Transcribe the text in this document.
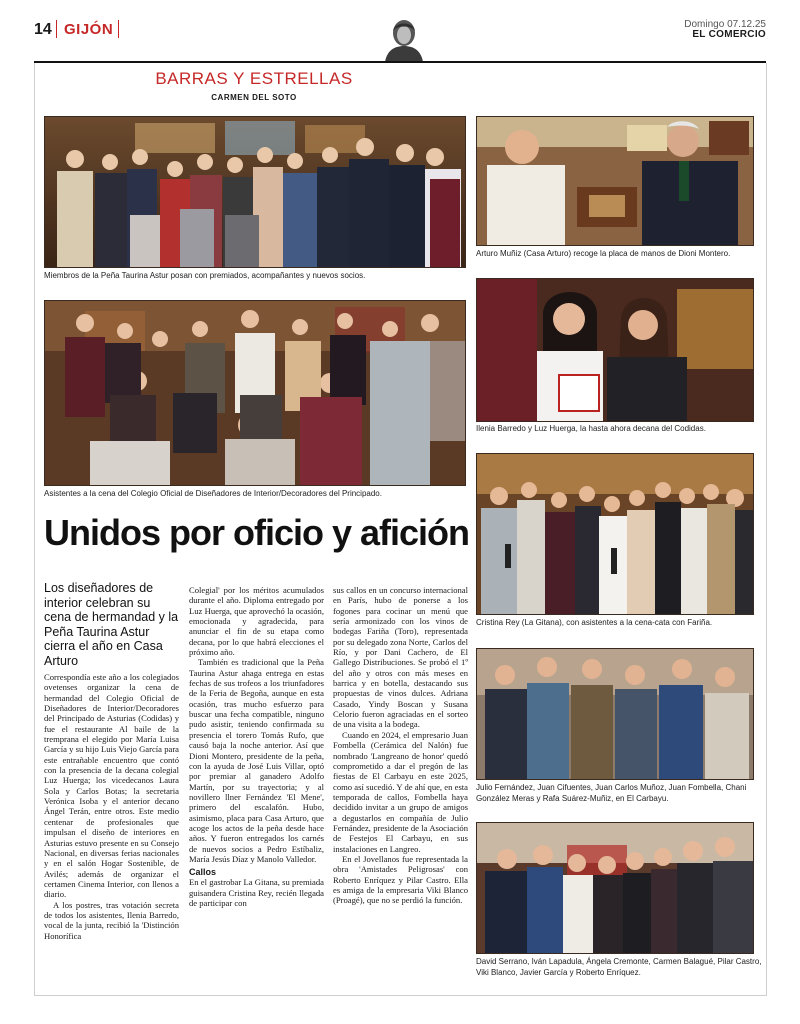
14 GIJÓN	Domingo 07.12.25
EL COMERCIO
BARRAS Y ESTRELLAS
CARMEN DEL SOTO
Miembros de la Peña Taurina Astur posan con premiados, acompañantes y nuevos socios.
Arturo Muñiz (Casa Arturo) recoge la placa de manos de Dioni Montero.
Asistentes a la cena del Colegio Oficial de Diseñadores de Interior/Decoradores del Principado.
Ilenia Barredo y Luz Huerga, la hasta ahora decana del Codidas.
Cristina Rey (La Gitana), con asistentes a la cena-cata con Fariña.
Julio Fernández, Juan Cifuentes, Juan Carlos Muñoz, Juan Fombella, Chani González Meras y Rafa Suárez-Muñiz, en El Carbayu.
David Serrano, Iván Lapadula, Ángela Cremonte, Carmen Balagué, Pilar Castro, Viki Blanco, Javier García y Roberto Enríquez.
Unidos por oficio y afición
Los diseñadores de interior celebran su cena de hermandad y la Peña Taurina Astur cierra el año en Casa Arturo

Correspondía este año a los colegiados ovetenses organizar la cena de hermandad del Colegio Oficial de Diseñadores de Interior/Decoradores del Principado de Asturias (Codidas) y fue el restaurante Al baile de la tremprana el elegido por María Luisa García y su hijo Luis Viejo García para este entrañable encuentro que contó con la presencia de la decana colegial Luz Huerga; los vicedecanos Laura Sola y Carlos Botas; la secretaria Verónica Isoba y el anterior decano Ángel Terán, entre otros. Este medio centenar de profesionales que impulsan el diseño de interiores en Asturias estuvo presente en su Consejo Nacional, en diversas ferias nacionales y en el salón Hogar Sostenible, de Avilés; además de organizar el certamen Cinema Interior, con llenos a diario.

A los postres, tras votación secreta de todos los asistentes, Ilenia Barredo, vocal de la junta, recibió la 'Distinción Honorífica

Colegial' por los méritos acumulados durante el año. Diploma entregado por Luz Huerga, que aprovechó la ocasión, emocionada y agradecida, para anunciar el fin de su etapa como decana, por lo que habrá elecciones el próximo año.

También es tradicional que la Peña Taurina Astur ahaga entrega en estas fechas de sus trofeos a los triunfadores de la Feria de Begoña, aunque en esta ocasión, tras mucho esfuerzo para buscar una fecha compatible, ninguno pudo asistir, teniendo confirmada su presencia el torero Tomás Rufo, que causó baja la noche anterior. Así que Dioni Montero, presidente de la peña, con la ayuda de José Luis Villar, optó por premiar al ganadero Adolfo Martín, por su trayectoria; y al novillero llner Fernández 'El Mene', primero del escalafón. Hubo, asimismo, placa para Casa Arturo, que acoge los actos de la peña desde hace años. Y fueron entregados los carnés de nuevos socios a Pedro Estíbaliz, María Jesús Díaz y Manolo Valledor.

Callos

En el gastrobar La Gitana, su premiada guisandera Cristina Rey, recién llegada de participar con

sus callos en un concurso internacional en París, hubo de ponerse a los fogones para cocinar un menú que sería armonizado con los vinos de bodegas Fariña (Toro), representada por su delegado zona Norte, Carlos del Río, y por Dani Cachero, de El Gallego Distribuciones. Se probó el 1º del año y otros con más meses en barrica y en botella, destacando sus propuestas de vinos dulces. Adriana Casado, Yindy Boscan y Susana Celorio fueron agraciadas en el sorteo de una visita a la bodega.

Cuando en 2024, el empresario Juan Fombella (Cerámica del Nalón) fue nombrado 'Langreano de honor' quedó comprometido a dar el pregón de las fiestas de El Carbayu en este 2025, como así sucedió. Y de ahí que, en esta temporada de callos, Fombella haya decidido invitar a un grupo de amigos a degustarlos en compañía de Julio Fernández, presidente de la Asociación de Festejos El Carbayu, en sus instalaciones en Langreo.

En el Jovellanos fue representada la obra 'Amistades Peligrosas' con Roberto Enríquez y Pilar Castro. Ella es amiga de la empresaria Viki Blanco (Proagé), que no se perdió la función.
